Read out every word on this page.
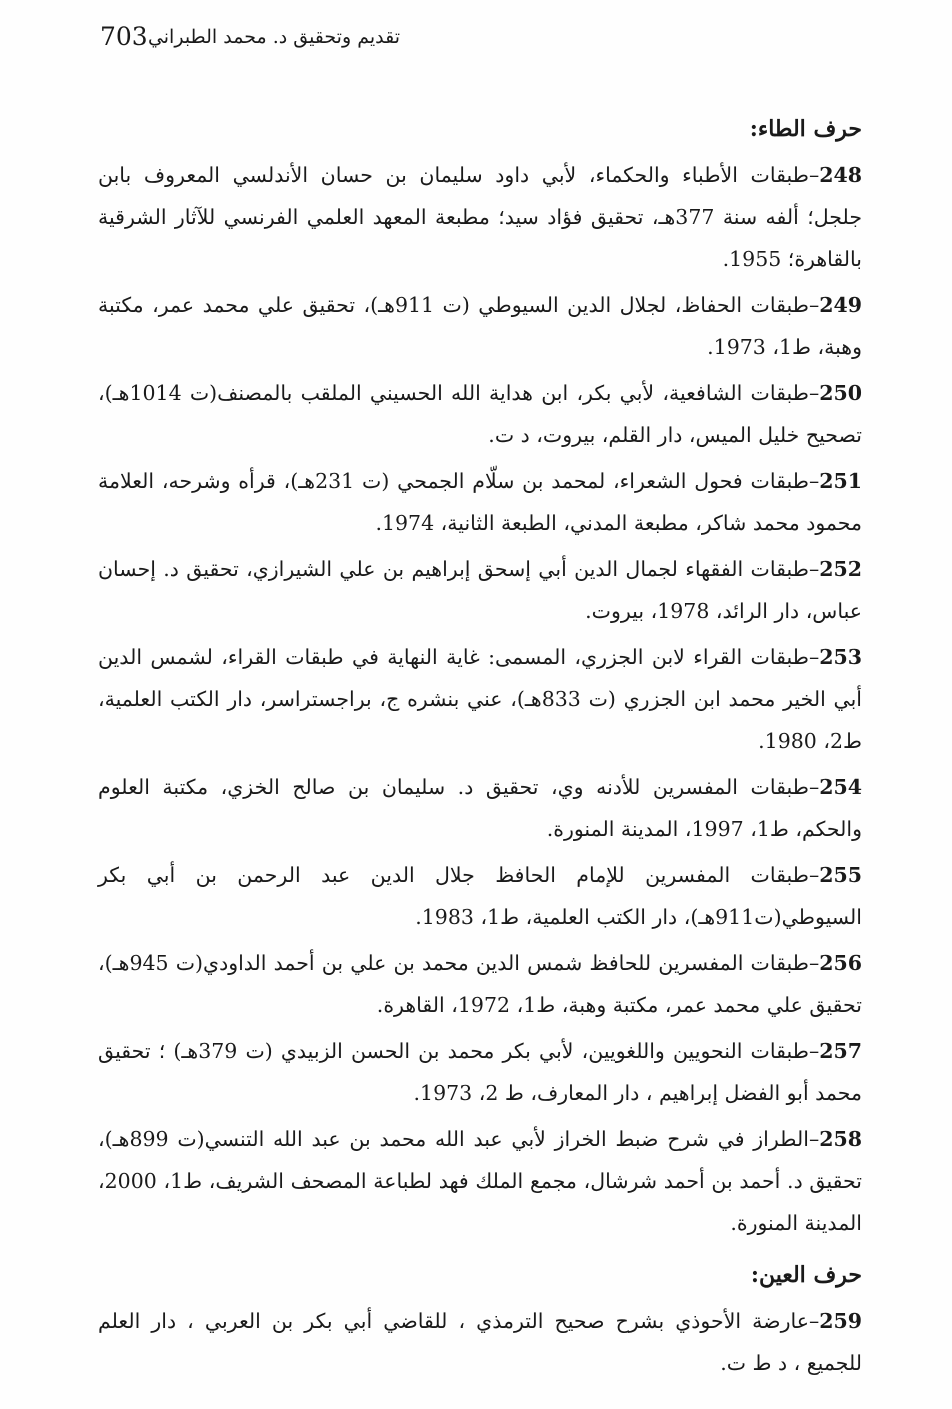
703 تقديم وتحقيق د. محمد الطبراني
حرف الطاء:

248–طبقات الأطباء والحكماء، لأبي داود سليمان بن حسان الأندلسي المعروف بابن جلجل؛ ألفه سنة 377هـ، تحقيق فؤاد سيد؛ مطبعة المعهد العلمي الفرنسي للآثار الشرقية بالقاهرة؛ 1955.

249–طبقات الحفاظ، لجلال الدين السيوطي (ت 911هـ)، تحقيق علي محمد عمر، مكتبة وهبة، ط1، 1973.

250–طبقات الشافعية، لأبي بكر، ابن هداية الله الحسيني الملقب بالمصنف(ت 1014هـ)، تصحيح خليل الميس، دار القلم، بيروت، د ت.

251–طبقات فحول الشعراء، لمحمد بن سلّام الجمحي (ت 231هـ)، قرأه وشرحه، العلامة محمود محمد شاكر، مطبعة المدني، الطبعة الثانية، 1974.

252–طبقات الفقهاء لجمال الدين أبي إسحق إبراهيم بن علي الشيرازي، تحقيق د. إحسان عباس، دار الرائد، 1978، بيروت.

253–طبقات القراء لابن الجزري، المسمى: غاية النهاية في طبقات القراء، لشمس الدين أبي الخير محمد ابن الجزري (ت 833هـ)، عني بنشره ج، براجستراسر، دار الكتب العلمية، ط2، 1980.

254–طبقات المفسرين للأدنه وي، تحقيق د. سليمان بن صالح الخزي، مكتبة العلوم والحكم، ط1، 1997، المدينة المنورة.

255–طبقات المفسرين للإمام الحافظ جلال الدين عبد الرحمن بن أبي بكر السيوطي(ت911هـ)، دار الكتب العلمية، ط1، 1983.

256–طبقات المفسرين للحافظ شمس الدين محمد بن علي بن أحمد الداودي(ت 945هـ)، تحقيق علي محمد عمر، مكتبة وهبة، ط1، 1972، القاهرة.

257–طبقات النحويين واللغويين، لأبي بكر محمد بن الحسن الزبيدي (ت 379هـ) ؛ تحقيق محمد أبو الفضل إبراهيم ، دار المعارف، ط 2، 1973.

258–الطراز في شرح ضبط الخراز لأبي عبد الله محمد بن عبد الله التنسي(ت 899هـ)، تحقيق د. أحمد بن أحمد شرشال، مجمع الملك فهد لطباعة المصحف الشريف، ط1، 2000، المدينة المنورة.

حرف العين:

259–عارضة الأحوذي بشرح صحيح الترمذي ، للقاضي أبي بكر بن العربي ، دار العلم للجميع ، د ط ت.
